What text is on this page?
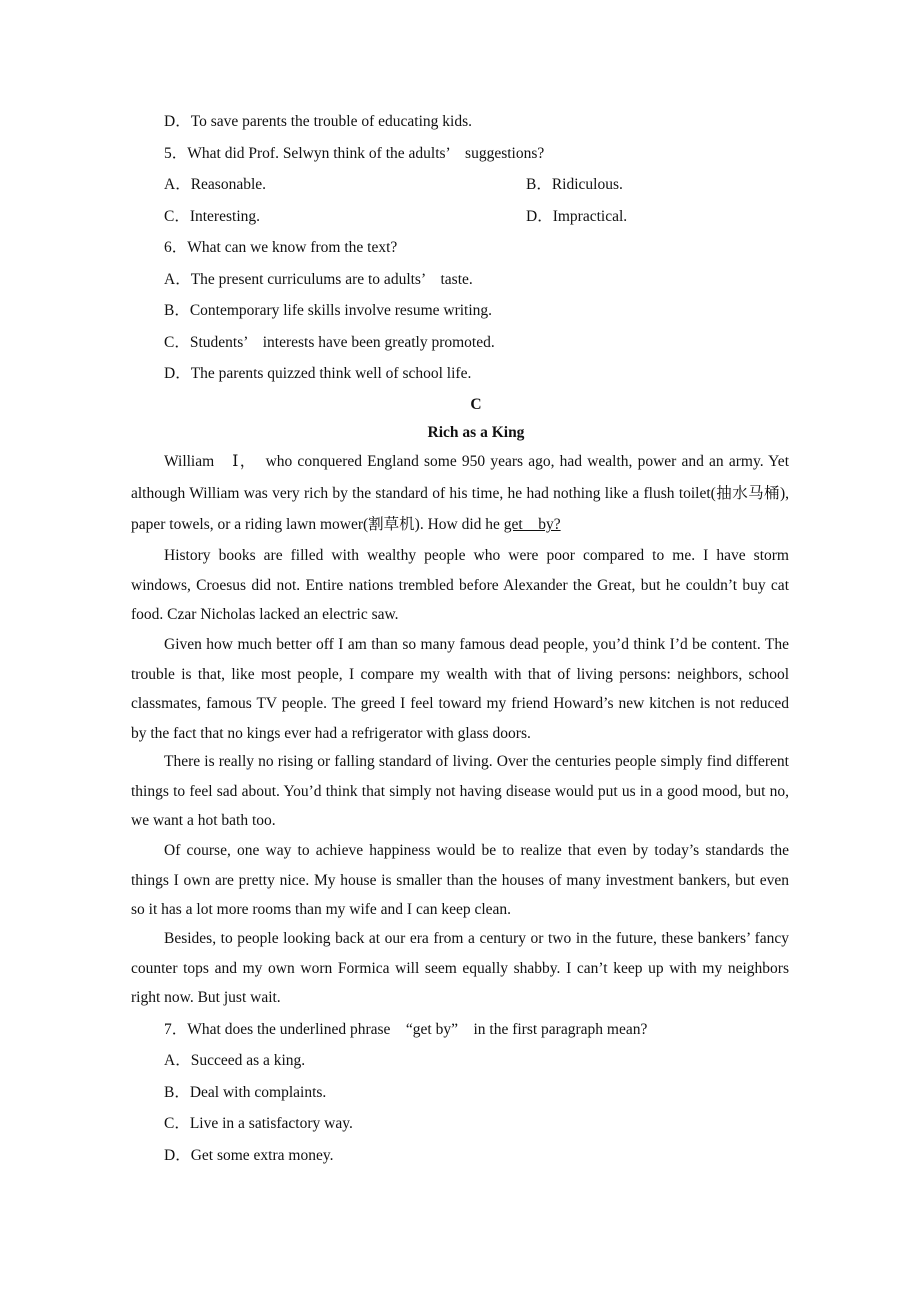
D．To save parents the trouble of educating kids.
5．What did Prof. Selwyn think of the adults’　suggestions?
A．Reasonable.	B．Ridiculous.
C．Interesting.	D．Impractical.
6．What can we know from the text?
A．The present curriculums are to adults’　taste.
B．Contemporary life skills involve resume writing.
C．Students’　interests have been greatly promoted.
D．The parents quizzed think well of school life.
C
Rich as a King
William　Ⅰ，　who conquered England some 950 years ago, had wealth, power and an army. Yet although William was very rich by the standard of his time, he had nothing like a flush toilet(抽水马桶), paper towels, or a riding lawn mower(割草机). How did he get　by?
History books are filled with wealthy people who were poor compared to me. I have storm windows, Croesus did not. Entire nations trembled before Alexander the Great, but he couldn’t buy cat food. Czar Nicholas lacked an electric saw.
Given how much better off I am than so many famous dead people, you’d think I’d be content. The trouble is that, like most people, I compare my wealth with that of living persons: neighbors, school classmates, famous TV people. The greed I feel toward my friend Howard’s new kitchen is not reduced by the fact that no kings ever had a refrigerator with glass doors.
There is really no rising or falling standard of living. Over the centuries people simply find different things to feel sad about. You’d think that simply not having disease would put us in a good mood, but no, we want a hot bath too.
Of course, one way to achieve happiness would be to realize that even by today’s standards the things I own are pretty nice. My house is smaller than the houses of many investment bankers, but even so it has a lot more rooms than my wife and I can keep clean.
Besides, to people looking back at our era from a century or two in the future, these bankers’ fancy counter tops and my own worn Formica will seem equally shabby. I can’t keep up with my neighbors right now. But just wait.
7．What does the underlined phrase　“get by”　in the first paragraph mean?
A．Succeed as a king.
B．Deal with complaints.
C．Live in a satisfactory way.
D．Get some extra money.
